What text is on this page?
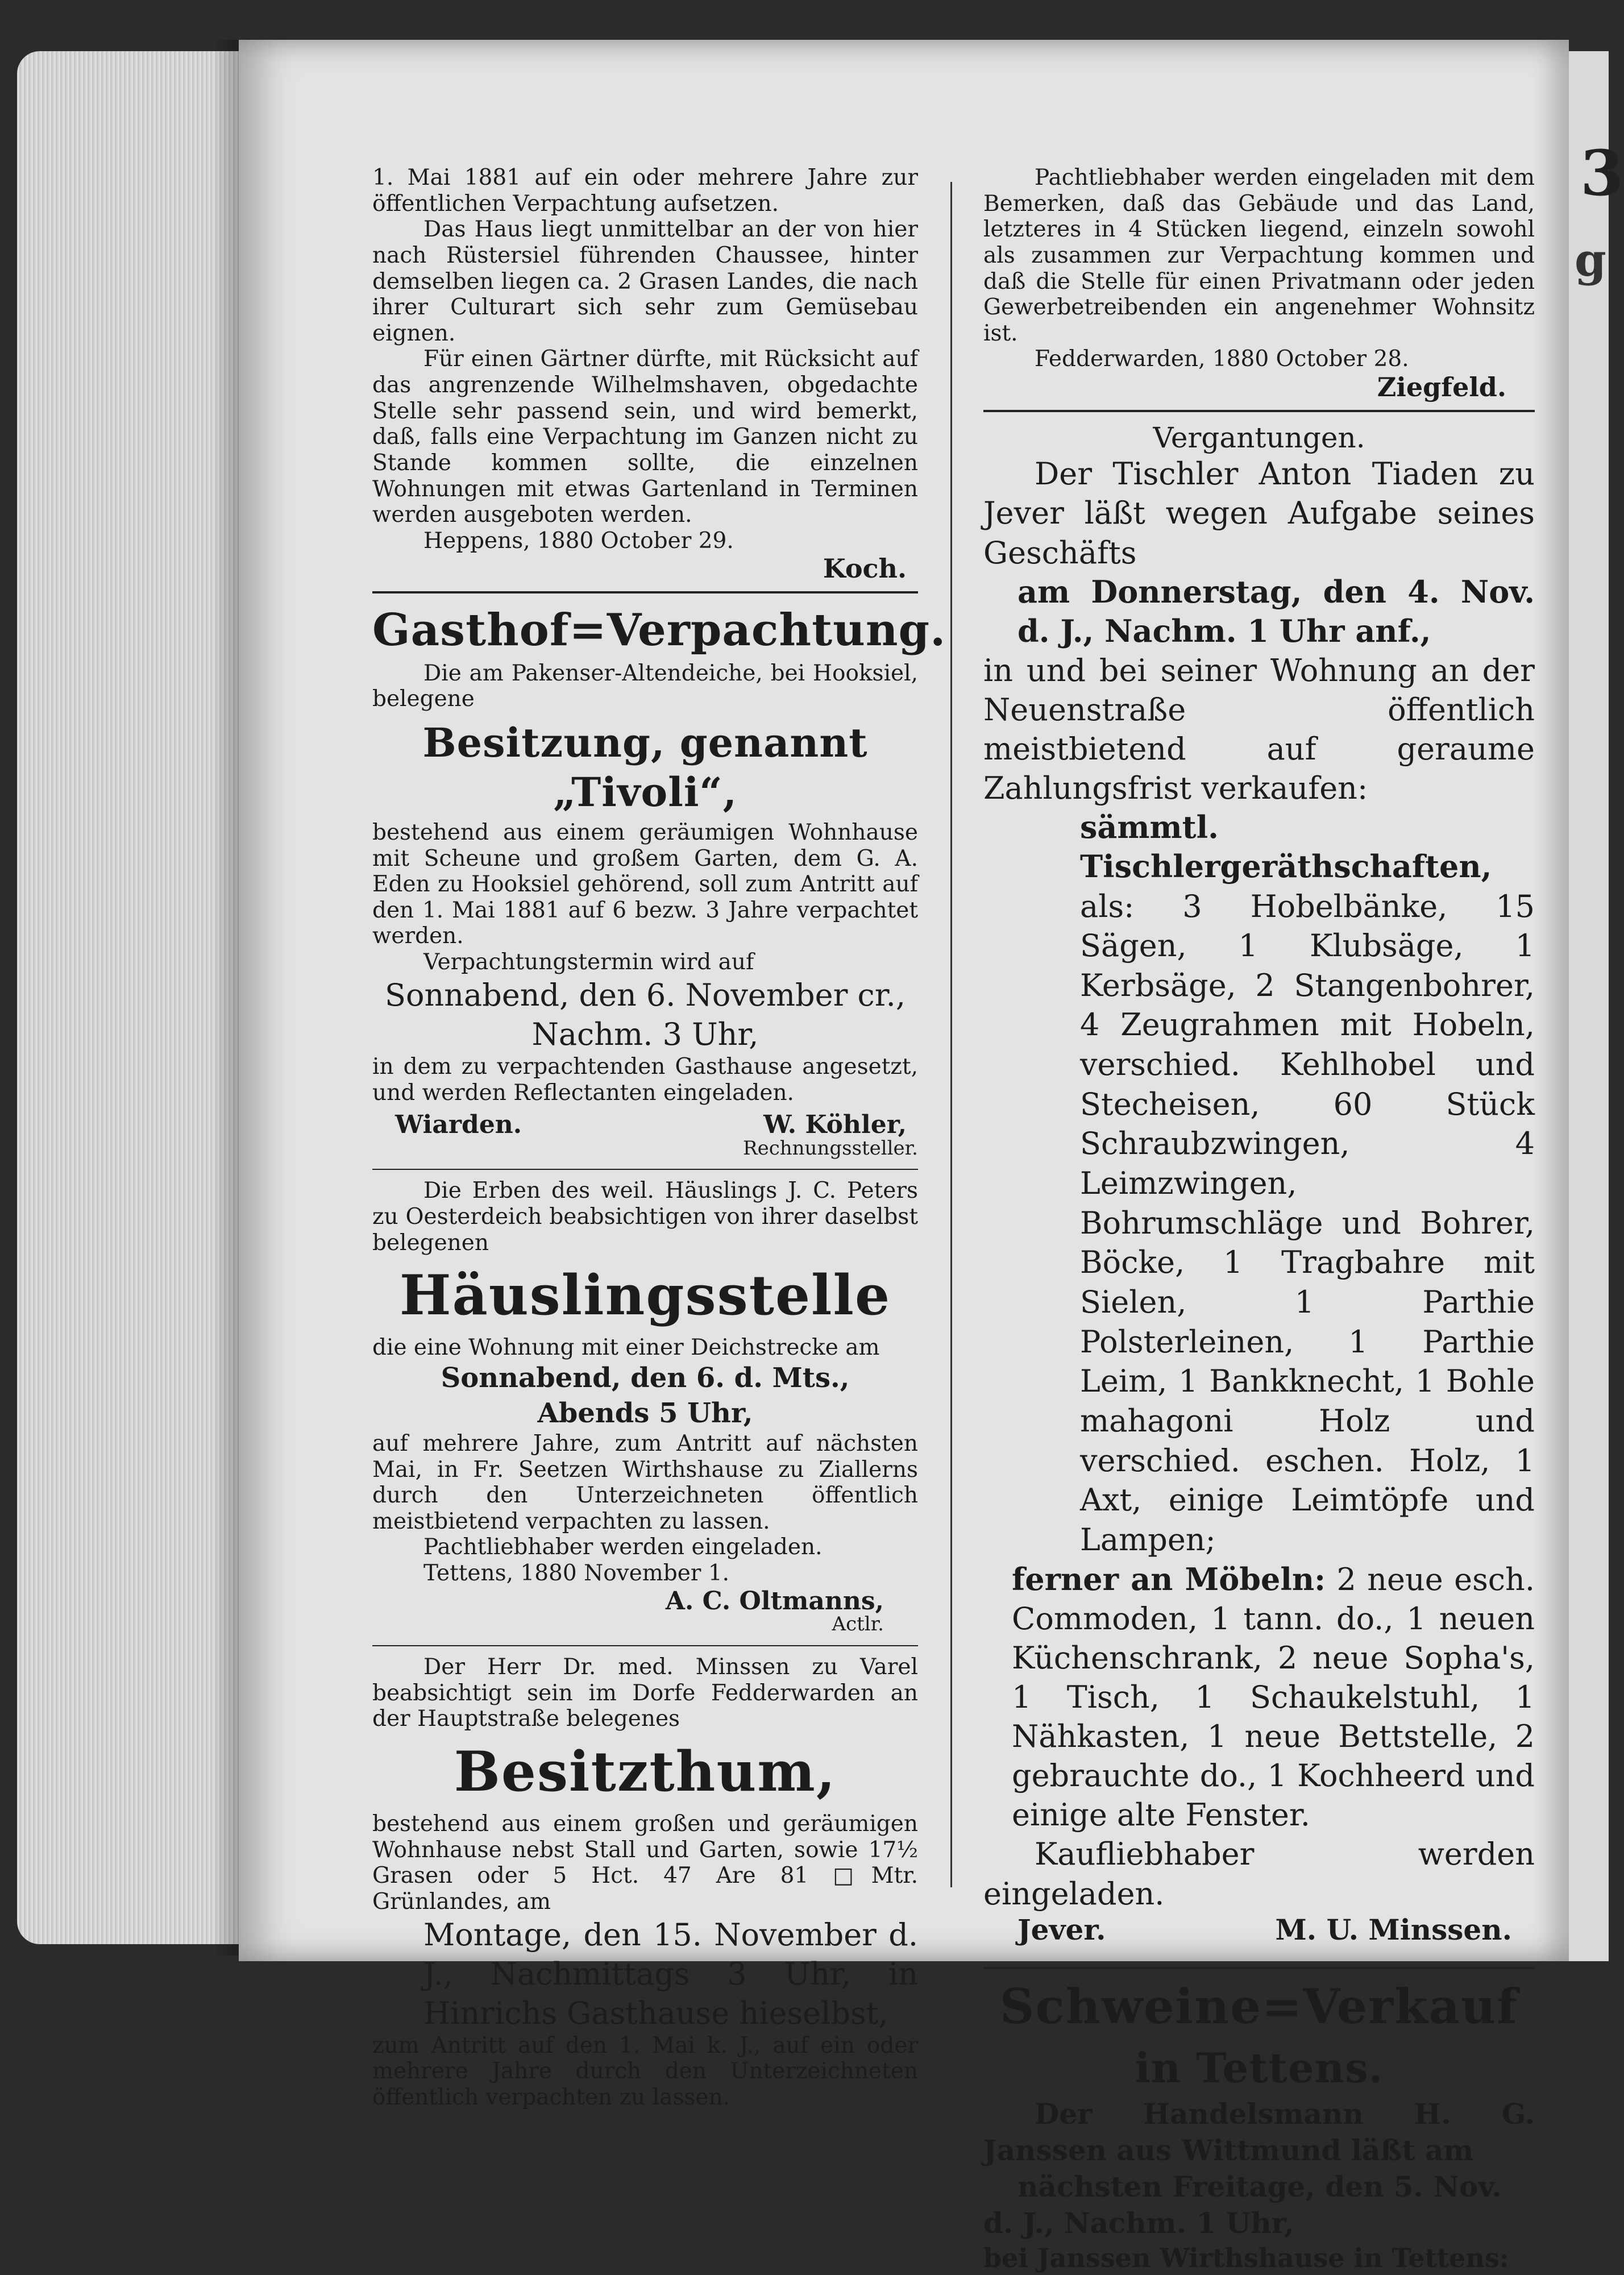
3
g

1. Mai 1881 auf ein oder mehrere Jahre zur öffentlichen Verpachtung aufsetzen.

Das Haus liegt unmittelbar an der von hier nach Rüstersiel führenden Chaussee, hinter demselben liegen ca. 2 Grasen Landes, die nach ihrer Culturart sich sehr zum Gemüsebau eignen.

Für einen Gärtner dürfte, mit Rücksicht auf das angrenzende Wilhelmshaven, obgedachte Stelle sehr passend sein, und wird bemerkt, daß, falls eine Verpachtung im Ganzen nicht zu Stande kommen sollte, die einzelnen Wohnungen mit etwas Gartenland in Terminen werden ausgeboten werden.

Heppens, 1880 October 29.

Koch.

Gasthof=Verpachtung.

Die am Pakenser-Altendeiche, bei Hooksiel, belegene

Besitzung, genannt „Tivoli“,

bestehend aus einem geräumigen Wohnhause mit Scheune und großem Garten, dem G. A. Eden zu Hooksiel gehörend, soll zum Antritt auf den 1. Mai 1881 auf 6 bezw. 3 Jahre verpachtet werden.

Verpachtungstermin wird auf

Sonnabend, den 6. November cr.,

Nachm. 3 Uhr,

in dem zu verpachtenden Gasthause angesetzt, und werden Reflectanten eingeladen.

Wiarden.	W. Köhler,

Rechnungssteller.

Die Erben des weil. Häuslings J. C. Peters zu Oesterdeich beabsichtigen von ihrer daselbst belegenen

Häuslingsstelle

die eine Wohnung mit einer Deichstrecke am

Sonnabend, den 6. d. Mts.,

Abends 5 Uhr,

auf mehrere Jahre, zum Antritt auf nächsten Mai, in Fr. Seetzen Wirthshause zu Ziallerns durch den Unterzeichneten öffentlich meistbietend verpachten zu lassen.

Pachtliebhaber werden eingeladen.

Tettens, 1880 November 1.

A. C. Oltmanns,

Actlr.

Der Herr Dr. med. Minssen zu Varel beabsichtigt sein im Dorfe Fedderwarden an der Hauptstraße belegenes

Besitzthum,

bestehend aus einem großen und geräumigen Wohnhause nebst Stall und Garten, sowie 17½ Grasen oder 5 Hct. 47 Are 81 □Mtr. Grünlandes, am

Montage, den 15. November d. J., Nachmittags 3 Uhr, in Hinrichs Gasthause hieselbst,

zum Antritt auf den 1. Mai k. J., auf ein oder mehrere Jahre durch den Unterzeichneten öffentlich verpachten zu lassen.

Pachtliebhaber werden eingeladen mit dem Bemerken, daß das Gebäude und das Land, letzteres in 4 Stücken liegend, einzeln sowohl als zusammen zur Verpachtung kommen und daß die Stelle für einen Privatmann oder jeden Gewerbetreibenden ein angenehmer Wohnsitz ist.

Fedderwarden, 1880 October 28.

Ziegfeld.

Vergantungen.

Der Tischler Anton Tiaden zu Jever läßt wegen Aufgabe seines Geschäfts

am Donnerstag, den 4. Nov. d. J., Nachm. 1 Uhr anf.,

in und bei seiner Wohnung an der Neuenstraße öffentlich meistbietend auf geraume Zahlungsfrist verkaufen:

sämmtl. Tischlergeräthschaften,

als: 3 Hobelbänke, 15 Sägen, 1 Klubsäge, 1 Kerbsäge, 2 Stangenbohrer, 4 Zeugrahmen mit Hobeln, verschied. Kehlhobel und Stecheisen, 60 Stück Schraubzwingen, 4 Leimzwingen, Bohrumschläge und Bohrer, Böcke, 1 Tragbahre mit Sielen, 1 Parthie Polsterleinen, 1 Parthie Leim, 1 Bankknecht, 1 Bohle mahagoni Holz und verschied. eschen. Holz, 1 Axt, einige Leimtöpfe und Lampen;

ferner an Möbeln: 2 neue esch. Commoden, 1 tann. do., 1 neuen Küchenschrank, 2 neue Sopha's, 1 Tisch, 1 Schaukelstuhl, 1 Nähkasten, 1 neue Bettstelle, 2 gebrauchte do., 1 Kochheerd und einige alte Fenster.

Kaufliebhaber werden eingeladen.

Jever.	M. U. Minssen.
Schweine=Verkauf
in Tettens.

Der Handelsmann H. G. Janssen aus Wittmund läßt am

nächsten Freitage, den 5. Nov.

d. J., Nachm. 1 Uhr,

bei Janssen Wirthshause in Tettens:
